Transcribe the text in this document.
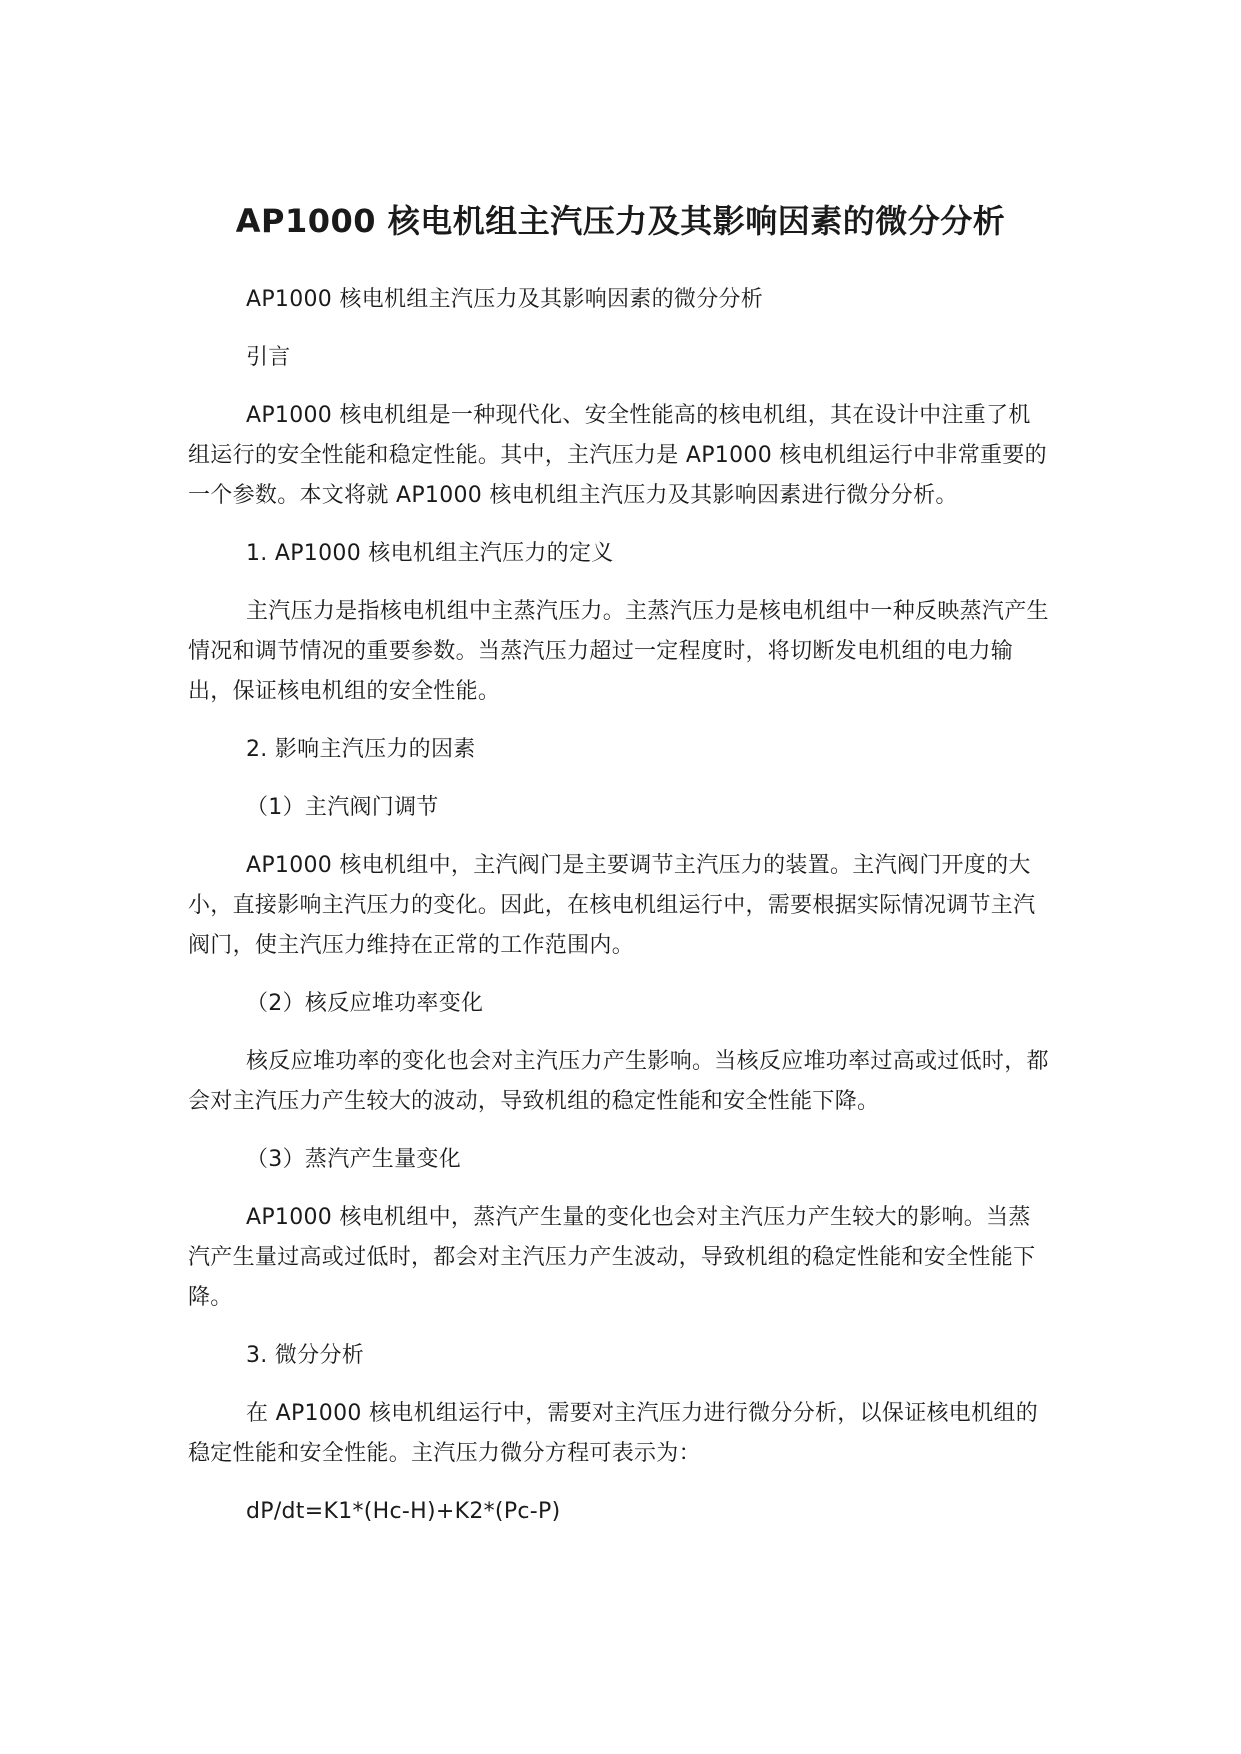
AP1000 核电机组主汽压力及其影响因素的微分分析

AP1000 核电机组主汽压力及其影响因素的微分分析

引言

AP1000 核电机组是一种现代化、安全性能高的核电机组，其在设计中注重了机组运行的安全性能和稳定性能。其中，主汽压力是 AP1000 核电机组运行中非常重要的一个参数。本文将就 AP1000 核电机组主汽压力及其影响因素进行微分分析。

1. AP1000 核电机组主汽压力的定义

主汽压力是指核电机组中主蒸汽压力。主蒸汽压力是核电机组中一种反映蒸汽产生情况和调节情况的重要参数。当蒸汽压力超过一定程度时，将切断发电机组的电力输出，保证核电机组的安全性能。

2. 影响主汽压力的因素

（1）主汽阀门调节

AP1000 核电机组中，主汽阀门是主要调节主汽压力的装置。主汽阀门开度的大小，直接影响主汽压力的变化。因此，在核电机组运行中，需要根据实际情况调节主汽阀门，使主汽压力维持在正常的工作范围内。

（2）核反应堆功率变化

核反应堆功率的变化也会对主汽压力产生影响。当核反应堆功率过高或过低时，都会对主汽压力产生较大的波动，导致机组的稳定性能和安全性能下降。

（3）蒸汽产生量变化

AP1000 核电机组中，蒸汽产生量的变化也会对主汽压力产生较大的影响。当蒸汽产生量过高或过低时，都会对主汽压力产生波动，导致机组的稳定性能和安全性能下降。

3. 微分分析

在 AP1000 核电机组运行中，需要对主汽压力进行微分分析，以保证核电机组的稳定性能和安全性能。主汽压力微分方程可表示为：

dP/dt=K1*(Hc-H)+K2*(Pc-P)
